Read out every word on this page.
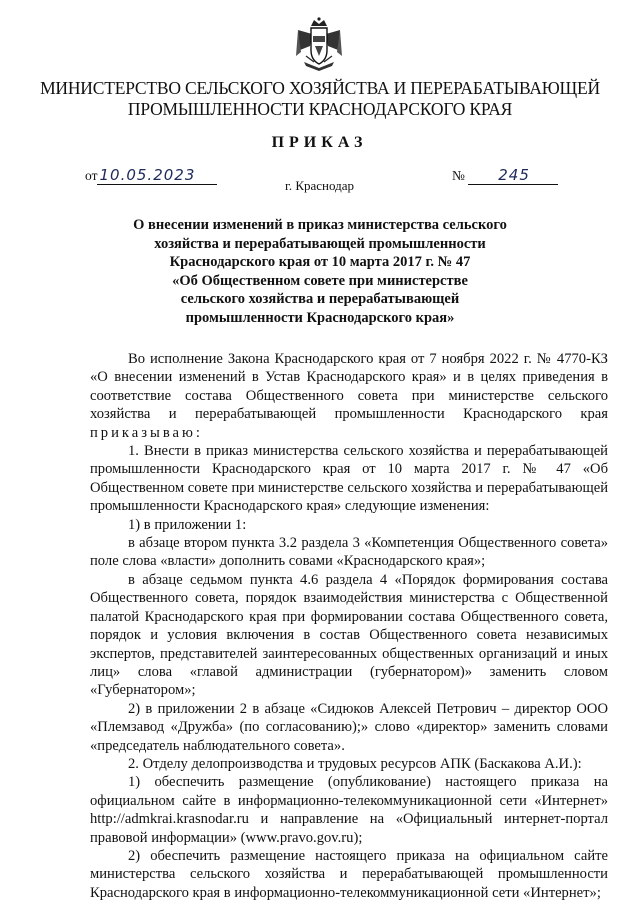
МИНИСТЕРСТВО СЕЛЬСКОГО ХОЗЯЙСТВА И ПЕРЕРАБАТЫВАЮЩЕЙ
ПРОМЫШЛЕННОСТИ КРАСНОДАРСКОГО КРАЯ
ПРИКАЗ
от 10.05.2023	№ 245
г. Краснодар
О внесении изменений в приказ министерства сельского
хозяйства и перерабатывающей промышленности
Краснодарского края от 10 марта 2017 г. № 47
«Об Общественном совете при министерстве
сельского хозяйства и перерабатывающей
промышленности Краснодарского края»

Во исполнение Закона Краснодарского края от 7 ноября 2022 г. № 4770-КЗ «О внесении изменений в Устав Краснодарского края» и в целях приведения в соответствие состава Общественного совета при министерстве сельского хозяйства и перерабатывающей промышленности Краснодарского края приказываю:

1. Внести в приказ министерства сельского хозяйства и перерабатывающей промышленности Краснодарского края от 10 марта 2017 г. № 47 «Об Общественном совете при министерстве сельского хозяйства и перерабатывающей промышленности Краснодарского края» следующие изменения:

1) в приложении 1:

в абзаце втором пункта 3.2 раздела 3 «Компетенция Общественного совета» поле слова «власти» дополнить совами «Краснодарского края»;

в абзаце седьмом пункта 4.6 раздела 4 «Порядок формирования состава Общественного совета, порядок взаимодействия министерства с Общественной палатой Краснодарского края при формировании состава Общественного совета, порядок и условия включения в состав Общественного совета независимых экспертов, представителей заинтересованных общественных организаций и иных лиц» слова «главой администрации (губернатором)» заменить словом «Губернатором»;

2) в приложении 2 в абзаце «Сидюков Алексей Петрович – директор ООО «Племзавод «Дружба» (по согласованию);» слово «директор» заменить словами «председатель наблюдательного совета».

2. Отделу делопроизводства и трудовых ресурсов АПК (Баскакова А.И.):

1) обеспечить размещение (опубликование) настоящего приказа на официальном сайте в информационно-телекоммуникационной сети «Интернет» http://admkrai.krasnodar.ru и направление на «Официальный интернет-портал правовой информации» (www.pravo.gov.ru);

2) обеспечить размещение настоящего приказа на официальном сайте министерства сельского хозяйства и перерабатывающей промышленности Краснодарского края в информационно-телекоммуникационной сети «Интернет»;
